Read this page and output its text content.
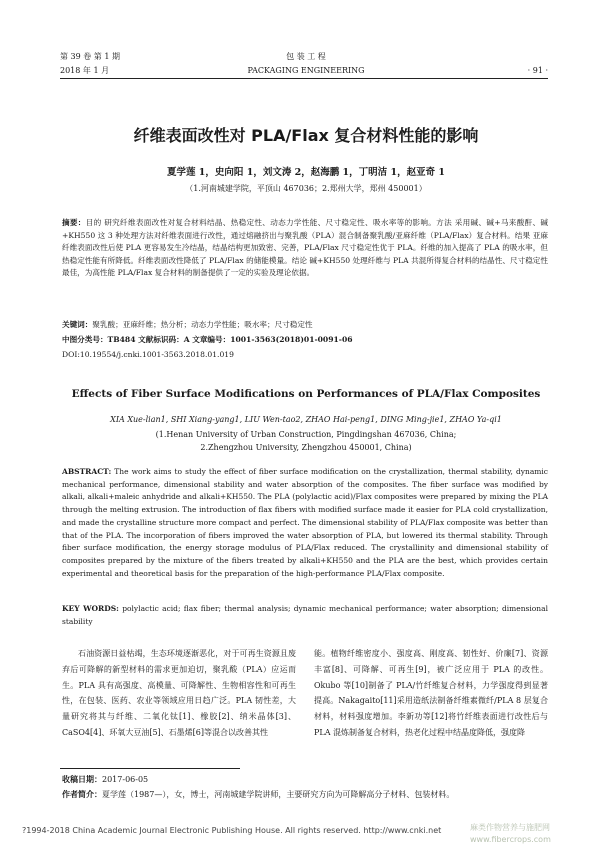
第 39 卷 第 1 期
2018 年 1 月
包 装 工 程
PACKAGING ENGINEERING	· 91 ·
纤维表面改性对 PLA/Flax 复合材料性能的影响
夏学莲 1，史向阳 1，刘文涛 2，赵海鹏 1，丁明洁 1，赵亚奇 1
（1.河南城建学院，平顶山 467036；2.郑州大学，郑州 450001）
摘要：目的 研究纤维表面改性对复合材料结晶、热稳定性、动态力学性能、尺寸稳定性、吸水率等的影响。方法 采用碱、碱+马来酸酐、碱+KH550 这 3 种处理方法对纤维表面进行改性，通过熔融挤出与聚乳酸（PLA）混合制备聚乳酸/亚麻纤维（PLA/Flax）复合材料。结果 亚麻纤维表面改性后使 PLA 更容易发生冷结晶，结晶结构更加致密、完善，PLA/Flax 尺寸稳定性优于 PLA。纤维的加入提高了 PLA 的吸水率，但热稳定性能有所降低。纤维表面改性降低了 PLA/Flax 的储能模量。结论 碱+KH550 处理纤维与 PLA 共混所得复合材料的结晶性、尺寸稳定性最佳，为高性能 PLA/Flax 复合材料的制备提供了一定的实验及理论依据。
关键词：聚乳酸；亚麻纤维；热分析；动态力学性能；吸水率；尺寸稳定性
中图分类号：TB484 文献标识码：A 文章编号：1001-3563(2018)01-0091-06
DOI:10.19554/j.cnki.1001-3563.2018.01.019
Effects of Fiber Surface Modifications on Performances of PLA/Flax Composites
XIA Xue-lian1, SHI Xiang-yang1, LIU Wen-tao2, ZHAO Hai-peng1, DING Ming-jie1, ZHAO Ya-qi1
(1.Henan University of Urban Construction, Pingdingshan 467036, China;
2.Zhengzhou University, Zhengzhou 450001, China)
ABSTRACT: The work aims to study the effect of fiber surface modification on the crystallization, thermal stability, dynamic mechanical performance, dimensional stability and water absorption of the composites. The fiber surface was modified by alkali, alkali+maleic anhydride and alkali+KH550. The PLA (polylactic acid)/Flax composites were prepared by mixing the PLA through the melting extrusion. The introduction of flax fibers with modified surface made it easier for PLA cold crystallization, and made the crystalline structure more compact and perfect. The dimensional stability of PLA/Flax composite was better than that of the PLA. The incorporation of fibers improved the water absorption of PLA, but lowered its thermal stability. Through fiber surface modification, the energy storage modulus of PLA/Flax reduced. The crystallinity and dimensional stability of composites prepared by the mixture of the fibers treated by alkali+KH550 and the PLA are the best, which provides certain experimental and theoretical basis for the preparation of the high-performance PLA/Flax composite.
KEY WORDS: polylactic acid; flax fiber; thermal analysis; dynamic mechanical performance; water absorption; dimensional stability
石油资源日益枯竭，生态环境逐渐恶化，对于可再生资源且废弃后可降解的新型材料的需求更加迫切，聚乳酸（PLA）应运而生。PLA 具有高强度、高模量、可降解性、生物相容性和可再生性，在包装、医药、农业等领域应用日趋广泛。PLA 韧性差，大量研究将其与纤维、二氧化钛[1]、橡胶[2]、纳米晶体[3]、CaSO4[4]、环氧大豆油[5]、石墨烯[6]等混合以改善其性
能。植物纤维密度小、强度高、刚度高、韧性好、价廉[7]、资源丰富[8]、可降解、可再生[9]，被广泛应用于 PLA 的改性。Okubo 等[10]制备了 PLA/竹纤维复合材料，力学强度得到显著提高。Nakagaito[11]采用造纸法制备纤维素微纤/PLA 8 层复合材料，材料强度增加。李新功等[12]将竹纤维表面进行改性后与 PLA 混炼制备复合材料，热老化过程中结晶度降低，强度降
收稿日期：2017-06-05
作者简介：夏学莲（1987—），女，博士，河南城建学院讲师，主要研究方向为可降解高分子材料、包装材料。
?1994-2018 China Academic Journal Electronic Publishing House. All rights reserved. http://www.cnki.net	麻类作物营养与施肥网 www.fibercrops.com
